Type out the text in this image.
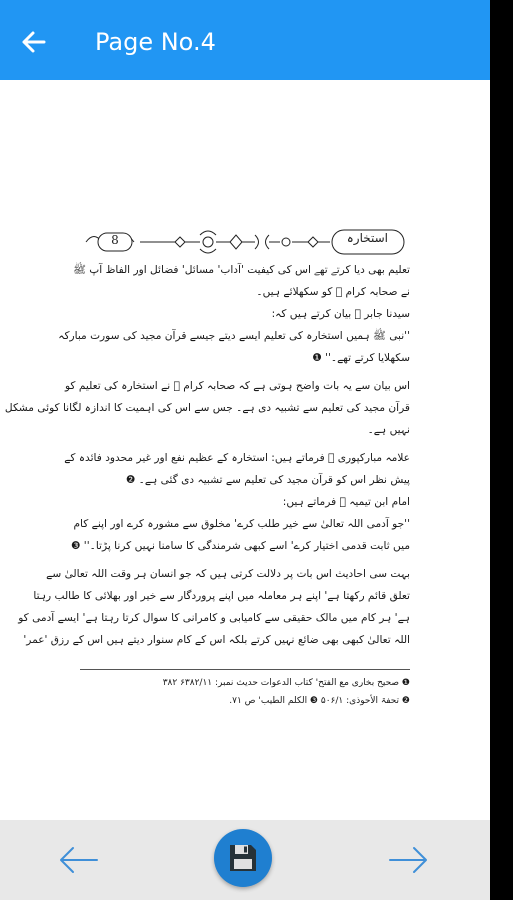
Page No.4
8	استخارہ

تعلیم بھی دیا کرتے تھے اس کی کیفیت 'آداب' مسائل' فضائل اور الفاظ آپ ﷺ

نے صحابہ کرام ﷡ کو سکھلائے ہیں۔

سیدنا جابر ﷜ بیان کرتے ہیں کہ:

''نبی ﷺ ہمیں استخارہ کی تعلیم ایسے دیتے جیسے قرآن مجید کی سورت مبارکہ

سکھلایا کرتے تھے۔'' ❶

اس بیان سے یہ بات واضح ہوتی ہے کہ صحابہ کرام ﷡ نے استخارہ کی تعلیم کو

قرآن مجید کی تعلیم سے تشبیہ دی ہے۔ جس سے اس کی اہمیت کا اندازہ لگانا کوئی مشکل

نہیں ہے۔

علامہ مبارکپوری ﷫ فرماتے ہیں: استخارہ کے عظیم نفع اور غیر محدود فائدہ کے

پیش نظر اس کو قرآن مجید کی تعلیم سے تشبیہ دی گئی ہے۔ ❷

امام ابن تیمیہ ﷫ فرماتے ہیں:

''جو آدمی اللہ تعالیٰ سے خیر طلب کرے' مخلوق سے مشورہ کرے اور اپنے کام

میں ثابت قدمی اختیار کرے' اسے کبھی شرمندگی کا سامنا نہیں کرنا پڑتا۔'' ❸

بہت سی احادیث اس بات پر دلالت کرتی ہیں کہ جو انسان ہر وقت اللہ تعالیٰ سے

تعلق قائم رکھتا ہے' اپنے ہر معاملہ میں اپنے پروردگار سے خیر اور بھلائی کا طالب رہتا

ہے' ہر کام میں مالک حقیقی سے کامیابی و کامرانی کا سوال کرتا رہتا ہے' ایسے آدمی کو

اللہ تعالیٰ کبھی بھی ضائع نہیں کرتے بلکہ اس کے کام سنوار دیتے ہیں اس کے رزق 'عمر'

❶ صحیح بخاری مع الفتح' کتاب الدعوات حدیث نمبر: ۶۳۸۲/۱۱ ۳۸۲

❷ تحفۃ الأحوذی: ۵۰۶/۱ ❸ الکلم الطیب' ص ۷۱.
